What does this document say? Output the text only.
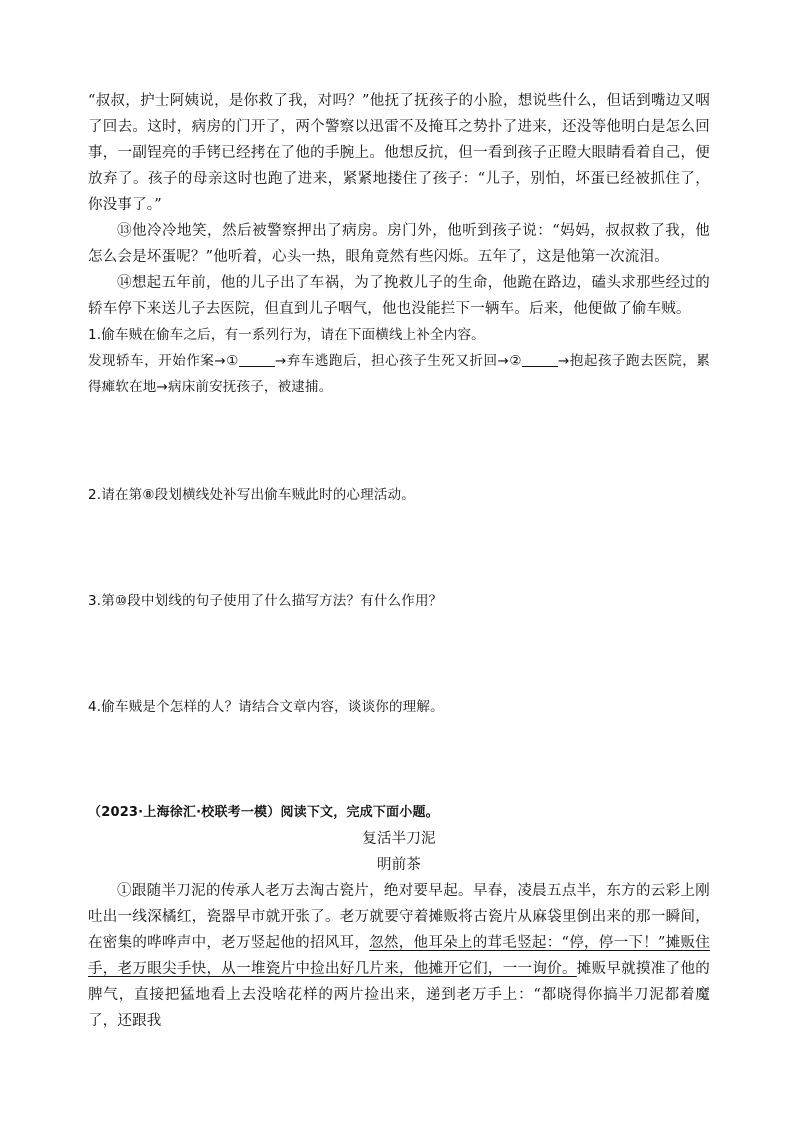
“叔叔，护士阿姨说，是你救了我，对吗？”他抚了抚孩子的小脸，想说些什么，但话到嘴边又咽了回去。这时，病房的门开了，两个警察以迅雷不及掩耳之势扑了进来，还没等他明白是怎么回事，一副锃亮的手铐已经拷在了他的手腕上。他想反抗，但一看到孩子正瞪大眼睛看着自己，便放弃了。孩子的母亲这时也跑了进来，紧紧地搂住了孩子：“儿子，别怕，坏蛋已经被抓住了，你没事了。”

⑬他冷冷地笑，然后被警察押出了病房。房门外，他听到孩子说：“妈妈，叔叔救了我，他怎么会是坏蛋呢？”他听着，心头一热，眼角竟然有些闪烁。五年了，这是他第一次流泪。

⑭想起五年前，他的儿子出了车祸，为了挽救儿子的生命，他跪在路边，磕头求那些经过的轿车停下来送儿子去医院，但直到儿子咽气，他也没能拦下一辆车。后来，他便做了偷车贼。

1.偷车贼在偷车之后，有一系列行为，请在下面横线上补全内容。

发现轿车，开始作案→①	→弃车逃跑后，担心孩子生死又折回→②	→抱起孩子跑去医院，累得瘫软在地→病床前安抚孩子，被逮捕。

2.请在第⑧段划横线处补写出偷车贼此时的心理活动。

3.第⑩段中划线的句子使用了什么描写方法？有什么作用？

4.偷车贼是个怎样的人？请结合文章内容，谈谈你的理解。

（2023·上海徐汇·校联考一模）阅读下文，完成下面小题。

复活半刀泥

明前茶

①跟随半刀泥的传承人老万去淘古瓷片，绝对要早起。早春，凌晨五点半，东方的云彩上刚吐出一线深橘红，瓷器早市就开张了。老万就要守着摊贩将古瓷片从麻袋里倒出来的那一瞬间，在密集的哗哗声中，老万竖起他的招风耳，忽然，他耳朵上的茸毛竖起：“停，停一下！”摊贩住手，老万眼尖手快，从一堆瓷片中捡出好几片来，他摊开它们，一一询价。摊贩早就摸准了他的脾气，直接把猛地看上去没啥花样的两片捡出来，递到老万手上：“都晓得你搞半刀泥都着魔了，还跟我
